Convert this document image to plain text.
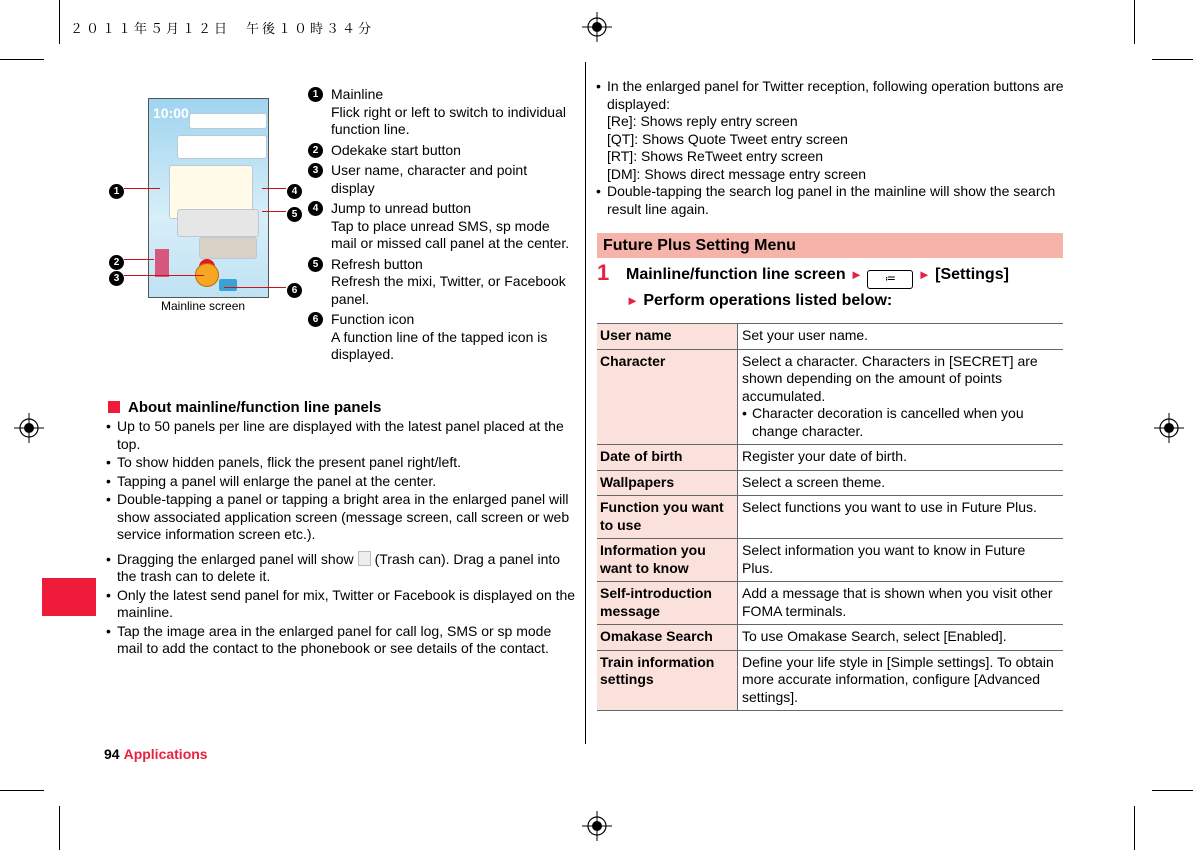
２０１１年５月１２日　午後１０時３４分
10:00
Mainline screen
1
2
3
4
5
6
1 Mainline
Flick right or left to switch to individual function line.
2 Odekake start button
3 User name, character and point display
4 Jump to unread button
Tap to place unread SMS, sp mode mail or missed call panel at the center.
5 Refresh button
Refresh the mixi, Twitter, or Facebook panel.
6 Function icon
A function line of the tapped icon is displayed.
About mainline/function line panels
• Up to 50 panels per line are displayed with the latest panel placed at the top.
• To show hidden panels, flick the present panel right/left.
• Tapping a panel will enlarge the panel at the center.
• Double-tapping a panel or tapping a bright area in the enlarged panel will show associated application screen (message screen, call screen or web service information screen etc.).
• Dragging the enlarged panel will show (Trash can). Drag a panel into the trash can to delete it.
• Only the latest send panel for mix, Twitter or Facebook is displayed on the mainline.
• Tap the image area in the enlarged panel for call log, SMS or sp mode mail to add the contact to the phonebook or see details of the contact.
• In the enlarged panel for Twitter reception, following operation buttons are displayed:
[Re]: Shows reply entry screen
[QT]: Shows Quote Tweet entry screen
[RT]: Shows ReTweet entry screen
[DM]: Shows direct message entry screen
• Double-tapping the search log panel in the mainline will show the search result line again.
Future Plus Setting Menu
1 Mainline/function line screen ► ≔ ► [Settings]
► Perform operations listed below:
User name	Set your user name.
Character	Select a character. Characters in [SECRET] are shown depending on the amount of points accumulated.
• Character decoration is cancelled when you change character.

Date of birth	Register your date of birth.
Wallpapers	Select a screen theme.
Function you want to use	Select functions you want to use in Future Plus.
Information you want to know	Select information you want to know in Future Plus.
Self-introduction message	Add a message that is shown when you visit other FOMA terminals.
Omakase Search	To use Omakase Search, select [Enabled].
Train information settings	Define your life style in [Simple settings]. To obtain more accurate information, configure [Advanced settings].
94 Applications
